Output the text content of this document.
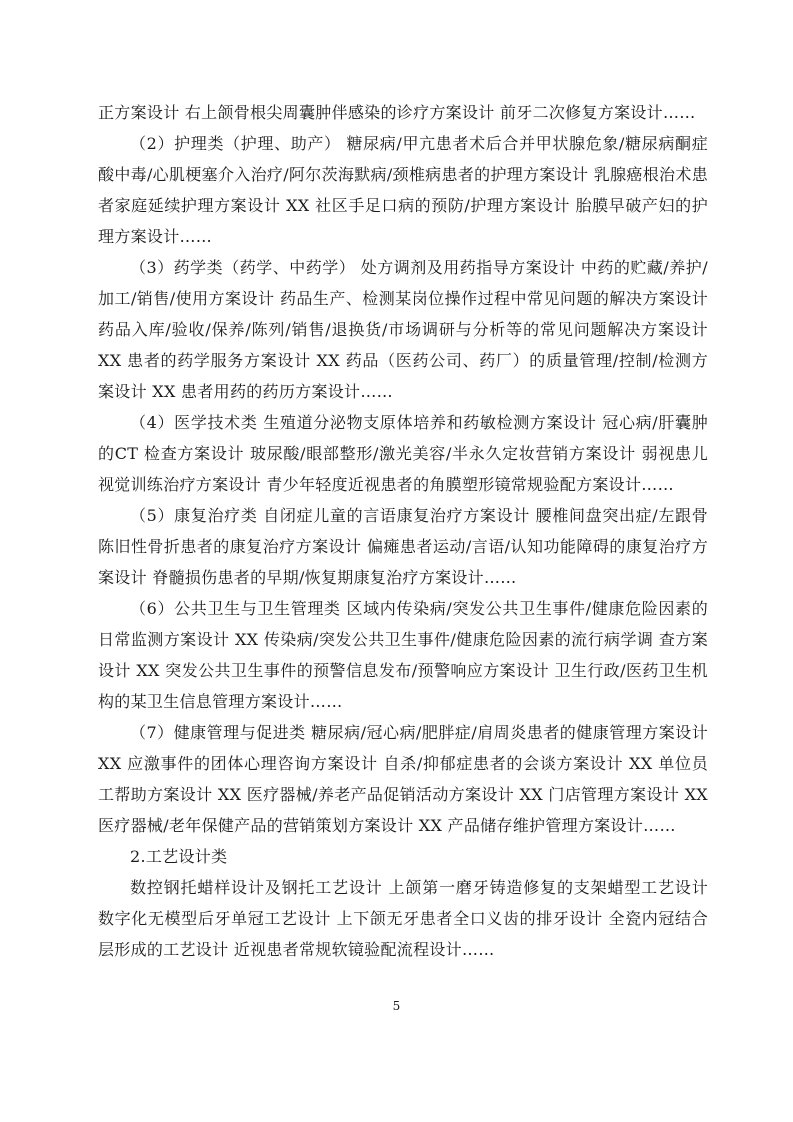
正方案设计 右上颌骨根尖周囊肿伴感染的诊疗方案设计 前牙二次修复方案设计……

（2）护理类（护理、助产） 糖尿病/甲亢患者术后合并甲状腺危象/糖尿病酮症酸中毒/心肌梗塞介入治疗/阿尔茨海默病/颈椎病患者的护理方案设计 乳腺癌根治术患者家庭延续护理方案设计 XX 社区手足口病的预防/护理方案设计 胎膜早破产妇的护理方案设计……

（3）药学类（药学、中药学） 处方调剂及用药指导方案设计 中药的贮藏/养护/加工/销售/使用方案设计 药品生产、检测某岗位操作过程中常见问题的解决方案设计 药品入库/验收/保养/陈列/销售/退换货/市场调研与分析等的常见问题解决方案设计 XX 患者的药学服务方案设计 XX 药品（医药公司、药厂）的质量管理/控制/检测方案设计 XX 患者用药的药历方案设计……

（4）医学技术类 生殖道分泌物支原体培养和药敏检测方案设计 冠心病/肝囊肿的CT 检查方案设计 玻尿酸/眼部整形/激光美容/半永久定妆营销方案设计 弱视患儿视觉训练治疗方案设计 青少年轻度近视患者的角膜塑形镜常规验配方案设计……

（5）康复治疗类 自闭症儿童的言语康复治疗方案设计 腰椎间盘突出症/左跟骨陈旧性骨折患者的康复治疗方案设计 偏瘫患者运动/言语/认知功能障碍的康复治疗方案设计 脊髓损伤患者的早期/恢复期康复治疗方案设计……

（6）公共卫生与卫生管理类 区域内传染病/突发公共卫生事件/健康危险因素的日常监测方案设计 XX 传染病/突发公共卫生事件/健康危险因素的流行病学调 查方案设计 XX 突发公共卫生事件的预警信息发布/预警响应方案设计 卫生行政/医药卫生机构的某卫生信息管理方案设计……

（7）健康管理与促进类 糖尿病/冠心病/肥胖症/肩周炎患者的健康管理方案设计 XX 应激事件的团体心理咨询方案设计 自杀/抑郁症患者的会谈方案设计 XX 单位员工帮助方案设计 XX 医疗器械/养老产品促销活动方案设计 XX 门店管理方案设计 XX 医疗器械/老年保健产品的营销策划方案设计 XX 产品储存维护管理方案设计……

2.工艺设计类

数控钢托蜡样设计及钢托工艺设计 上颌第一磨牙铸造修复的支架蜡型工艺设计 数字化无模型后牙单冠工艺设计 上下颌无牙患者全口义齿的排牙设计 全瓷内冠结合层形成的工艺设计 近视患者常规软镜验配流程设计……

5
